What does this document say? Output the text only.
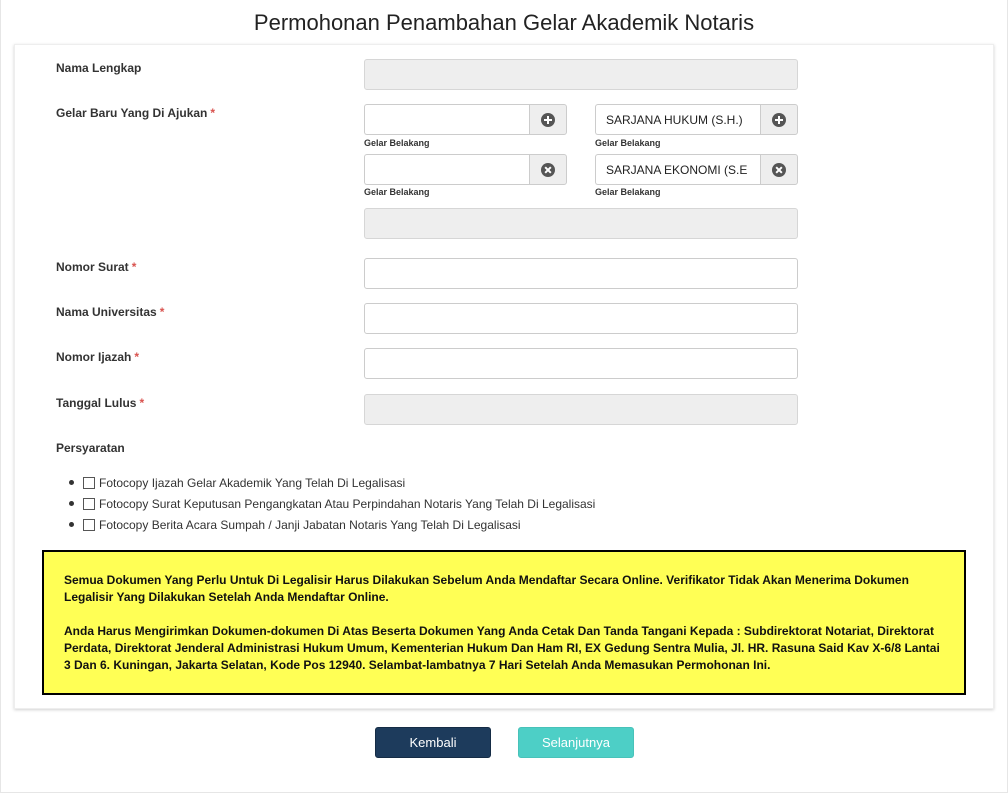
Permohonan Penambahan Gelar Akademik Notaris
Nama Lengkap
Gelar Baru Yang Di Ajukan *
Gelar Belakang
SARJANA HUKUM (S.H.)
Gelar Belakang
Gelar Belakang
SARJANA EKONOMI (S.E
Gelar Belakang
Nomor Surat *
Nama Universitas *
Nomor Ijazah *
Tanggal Lulus *
Persyaratan
Fotocopy Ijazah Gelar Akademik Yang Telah Di Legalisasi
Fotocopy Surat Keputusan Pengangkatan Atau Perpindahan Notaris Yang Telah Di Legalisasi
Fotocopy Berita Acara Sumpah / Janji Jabatan Notaris Yang Telah Di Legalisasi

Semua Dokumen Yang Perlu Untuk Di Legalisir Harus Dilakukan Sebelum Anda Mendaftar Secara Online. Verifikator Tidak Akan Menerima Dokumen Legalisir Yang Dilakukan Setelah Anda Mendaftar Online.

Anda Harus Mengirimkan Dokumen-dokumen Di Atas Beserta Dokumen Yang Anda Cetak Dan Tanda Tangani Kepada : Subdirektorat Notariat, Direktorat Perdata, Direktorat Jenderal Administrasi Hukum Umum, Kementerian Hukum Dan Ham RI, EX Gedung Sentra Mulia, Jl. HR. Rasuna Said Kav X-6/8 Lantai 3 Dan 6. Kuningan, Jakarta Selatan, Kode Pos 12940. Selambat-lambatnya 7 Hari Setelah Anda Memasukan Permohonan Ini.

Kembali	Selanjutnya
